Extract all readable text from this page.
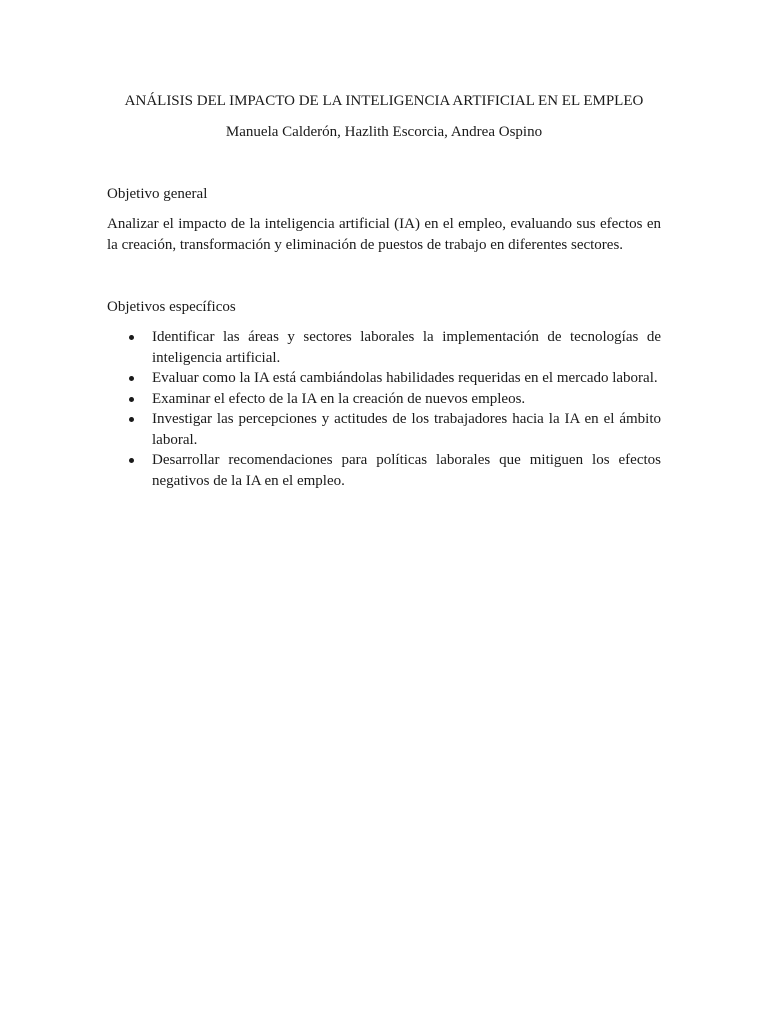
ANÁLISIS DEL IMPACTO DE LA INTELIGENCIA ARTIFICIAL EN EL EMPLEO
Manuela Calderón, Hazlith Escorcia, Andrea Ospino
Objetivo general
Analizar el impacto de la inteligencia artificial (IA) en el empleo, evaluando sus efectos en la creación, transformación y eliminación de puestos de trabajo en diferentes sectores.
Objetivos específicos
Identificar las áreas y sectores laborales la implementación de tecnologías de inteligencia artificial.
Evaluar como la IA está cambiándolas habilidades requeridas en el mercado laboral.
Examinar el efecto de la IA en la creación de nuevos empleos.
Investigar las percepciones y actitudes de los trabajadores hacia la IA en el ámbito laboral.
Desarrollar recomendaciones para políticas laborales que mitiguen los efectos negativos de la IA en el empleo.
